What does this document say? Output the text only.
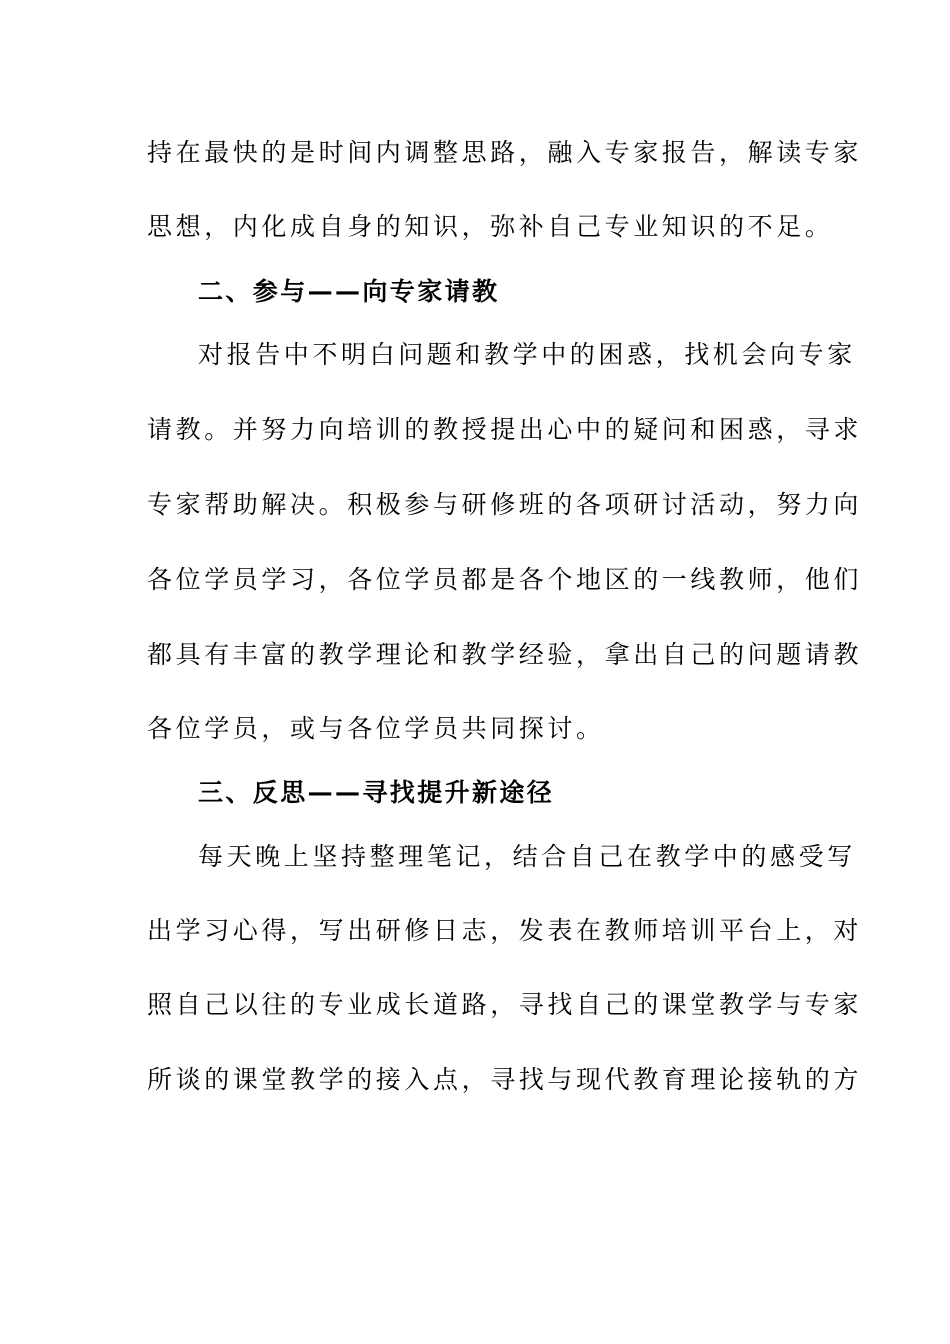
持在最快的是时间内调整思路，融入专家报告，解读专家
思想，内化成自身的知识，弥补自己专业知识的不足。
二、参与——向专家请教
对报告中不明白问题和教学中的困惑，找机会向专家
请教。并努力向培训的教授提出心中的疑问和困惑，寻求
专家帮助解决。积极参与研修班的各项研讨活动，努力向
各位学员学习，各位学员都是各个地区的一线教师，他们
都具有丰富的教学理论和教学经验，拿出自己的问题请教
各位学员，或与各位学员共同探讨。
三、反思——寻找提升新途径
每天晚上坚持整理笔记，结合自己在教学中的感受写
出学习心得，写出研修日志，发表在教师培训平台上，对
照自己以往的专业成长道路，寻找自己的课堂教学与专家
所谈的课堂教学的接入点，寻找与现代教育理论接轨的方
